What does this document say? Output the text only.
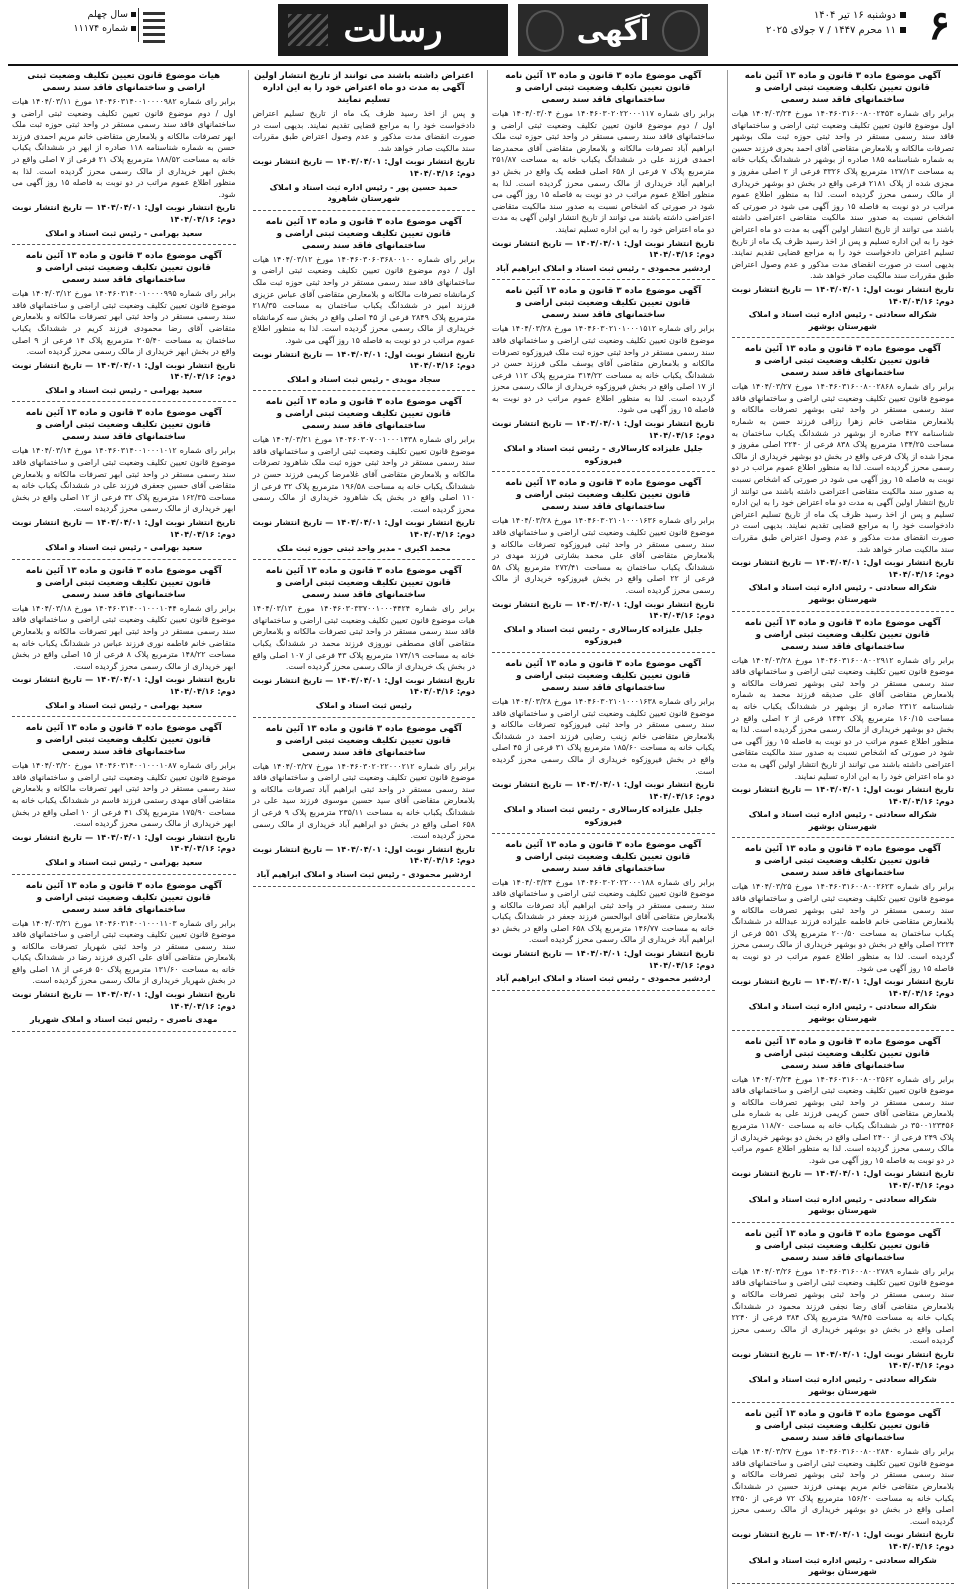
۶
دوشنبه ۱۶ تیر ۱۴۰۴
۱۱ محرم ۱۴۴۷ / ۷ جولای ۲۰۲۵
آگهی
رسالت
سال چهلم
شماره ۱۱۱۷۴
آگهی موضوع ماده ۳ قانون و ماده ۱۳ آئین نامه قانون تعیین تکلیف وضعیت ثبتی اراضی و ساختمانهای فاقد سند رسمی
برابر رای شماره ۱۴۰۴۶۰۳۱۶۰۰۸۰۰۲۴۵۳ مورخ ۱۴۰۴/۰۳/۲۴ هیات اول موضوع قانون تعیین تکلیف وضعیت ثبتی اراضی و ساختمانهای فاقد سند رسمی مستقر در واحد ثبتی حوزه ثبت ملک بوشهر تصرفات مالکانه و بلامعارض متقاضی آقای احمد بحری فرزند حسین به شماره شناسنامه ۱۸۵ صادره از بوشهر در ششدانگ یکباب خانه به مساحت ۱۲۷/۱۳ مترمربع پلاک ۳۳۲۶ فرعی از ۲ اصلی مفروز و مجزی شده از پلاک ۲۱۸۱ فرعی واقع در بخش دو بوشهر خریداری از مالک رسمی محرز گردیده است. لذا به منظور اطلاع عموم مراتب در دو نوبت به فاصله ۱۵ روز آگهی می شود در صورتی که اشخاص نسبت به صدور سند مالکیت متقاضی اعتراضی داشته باشند می توانند از تاریخ انتشار اولین آگهی به مدت دو ماه اعتراض خود را به این اداره تسلیم و پس از اخذ رسید ظرف یک ماه از تاریخ تسلیم اعتراض دادخواست خود را به مراجع قضایی تقدیم نمایند. بدیهی است در صورت انقضای مدت مذکور و عدم وصول اعتراض طبق مقررات سند مالکیت صادر خواهد شد.
تاریخ انتشار نوبت اول: ۱۴۰۴/۰۴/۰۱ — تاریخ انتشار نوبت دوم: ۱۴۰۴/۰۴/۱۶
شکراله سعادتی - رئیس اداره ثبت اسناد و املاک شهرستان بوشهر
آگهی موضوع ماده ۳ قانون و ماده ۱۳ آئین نامه قانون تعیین تکلیف وضعیت ثبتی اراضی و ساختمانهای فاقد سند رسمی
برابر رای شماره ۱۴۰۴۶۰۳۱۶۰۰۸۰۰۲۸۶۸ مورخ ۱۴۰۴/۰۳/۲۷ هیات موضوع قانون تعیین تکلیف وضعیت ثبتی اراضی و ساختمانهای فاقد سند رسمی مستقر در واحد ثبتی بوشهر تصرفات مالکانه و بلامعارض متقاضی خانم زهرا رزاقی فرزند حسن به شماره شناسنامه ۴۲۷ صادره از بوشهر در ششدانگ یکباب ساختمان به مساحت ۱۳۴/۲۵ مترمربع پلاک ۸۳۸ فرعی از ۲۲۴۰ اصلی مفروز و مجزا شده از پلاک فرعی واقع در بخش دو بوشهر خریداری از مالک رسمی محرز گردیده است. لذا به منظور اطلاع عموم مراتب در دو نوبت به فاصله ۱۵ روز آگهی می شود در صورتی که اشخاص نسبت به صدور سند مالکیت متقاضی اعتراضی داشته باشند می توانند از تاریخ انتشار اولین آگهی به مدت دو ماه اعتراض خود را به این اداره تسلیم و پس از اخذ رسید ظرف یک ماه از تاریخ تسلیم اعتراض دادخواست خود را به مراجع قضایی تقدیم نمایند. بدیهی است در صورت انقضای مدت مذکور و عدم وصول اعتراض طبق مقررات سند مالکیت صادر خواهد شد.
تاریخ انتشار نوبت اول: ۱۴۰۴/۰۴/۰۱ — تاریخ انتشار نوبت دوم: ۱۴۰۴/۰۴/۱۶
شکراله سعادتی - رئیس اداره ثبت اسناد و املاک شهرستان بوشهر
آگهی موضوع ماده ۳ قانون و ماده ۱۳ آئین نامه قانون تعیین تکلیف وضعیت ثبتی اراضی و ساختمانهای فاقد سند رسمی
برابر رای شماره ۱۴۰۴۶۰۳۱۶۰۰۸۰۰۲۹۱۲ مورخ ۱۴۰۴/۰۳/۲۸ هیات موضوع قانون تعیین تکلیف وضعیت ثبتی اراضی و ساختمانهای فاقد سند رسمی مستقر در واحد ثبتی بوشهر تصرفات مالکانه و بلامعارض متقاضی آقای علی صدیقه فرزند محمد به شماره شناسنامه ۲۳۱۲ صادره از بوشهر در ششدانگ یکباب خانه به مساحت ۱۶۰/۱۵ مترمربع پلاک ۱۳۴۲ فرعی از ۲ اصلی واقع در بخش دو بوشهر خریداری از مالک رسمی محرز گردیده است. لذا به منظور اطلاع عموم مراتب در دو نوبت به فاصله ۱۵ روز آگهی می شود در صورتی که اشخاص نسبت به صدور سند مالکیت متقاضی اعتراضی داشته باشند می توانند از تاریخ انتشار اولین آگهی به مدت دو ماه اعتراض خود را به این اداره تسلیم نمایند.
تاریخ انتشار نوبت اول: ۱۴۰۴/۰۴/۰۱ — تاریخ انتشار نوبت دوم: ۱۴۰۴/۰۴/۱۶
شکراله سعادتی - رئیس اداره ثبت اسناد و املاک شهرستان بوشهر
آگهی موضوع ماده ۳ قانون و ماده ۱۳ آئین نامه قانون تعیین تکلیف وضعیت ثبتی اراضی و ساختمانهای فاقد سند رسمی
برابر رای شماره ۱۴۰۴۶۰۳۱۶۰۰۸۰۰۲۶۲۳ مورخ ۱۴۰۴/۰۳/۲۵ هیات موضوع قانون تعیین تکلیف وضعیت ثبتی اراضی و ساختمانهای فاقد سند رسمی مستقر در واحد ثبتی بوشهر تصرفات مالکانه و بلامعارض متقاضی خانم فاطمه علیزاده فرزند عبدالله در ششدانگ یکباب ساختمان به مساحت ۲۰۰/۵۰ مترمربع پلاک ۵۵۱ فرعی از ۲۲۲۴ اصلی واقع در بخش دو بوشهر خریداری از مالک رسمی محرز گردیده است. لذا به منظور اطلاع عموم مراتب در دو نوبت به فاصله ۱۵ روز آگهی می شود.
تاریخ انتشار نوبت اول: ۱۴۰۴/۰۴/۰۱ — تاریخ انتشار نوبت دوم: ۱۴۰۴/۰۴/۱۶
شکراله سعادتی - رئیس اداره ثبت اسناد و املاک شهرستان بوشهر
آگهی موضوع ماده ۳ قانون و ماده ۱۳ آئین نامه قانون تعیین تکلیف وضعیت ثبتی اراضی و ساختمانهای فاقد سند رسمی
برابر رای شماره ۱۴۰۴۶۰۳۱۶۰۰۸۰۰۲۵۶۲ مورخ ۱۴۰۴/۰۳/۲۴ هیات موضوع قانون تعیین تکلیف وضعیت ثبتی اراضی و ساختمانهای فاقد سند رسمی مستقر در واحد ثبتی بوشهر تصرفات مالکانه و بلامعارض متقاضی آقای حسن کریمی فرزند علی به شماره ملی ۳۵۰۰۱۲۳۴۵۶ در ششدانگ یکباب خانه به مساحت ۱۱۸/۷۰ مترمربع پلاک ۲۴۹ فرعی از ۲۴۰۰ اصلی واقع در بخش دو بوشهر خریداری از مالک رسمی محرز گردیده است. لذا به منظور اطلاع عموم مراتب در دو نوبت به فاصله ۱۵ روز آگهی می شود.
تاریخ انتشار نوبت اول: ۱۴۰۴/۰۴/۰۱ — تاریخ انتشار نوبت دوم: ۱۴۰۴/۰۴/۱۶
شکراله سعادتی - رئیس اداره ثبت اسناد و املاک شهرستان بوشهر
آگهی موضوع ماده ۳ قانون و ماده ۱۳ آئین نامه قانون تعیین تکلیف وضعیت ثبتی اراضی و ساختمانهای فاقد سند رسمی
برابر رای شماره ۱۴۰۴۶۰۳۱۶۰۰۸۰۰۲۷۸۹ مورخ ۱۴۰۴/۰۳/۲۶ هیات موضوع قانون تعیین تکلیف وضعیت ثبتی اراضی و ساختمانهای فاقد سند رسمی مستقر در واحد ثبتی بوشهر تصرفات مالکانه و بلامعارض متقاضی آقای رضا نجفی فرزند محمود در ششدانگ یکباب خانه به مساحت ۹۸/۴۵ مترمربع پلاک ۳۸۴ فرعی از ۲۲۴۰ اصلی واقع در بخش دو بوشهر خریداری از مالک رسمی محرز گردیده است.
تاریخ انتشار نوبت اول: ۱۴۰۴/۰۴/۰۱ — تاریخ انتشار نوبت دوم: ۱۴۰۴/۰۴/۱۶
شکراله سعادتی - رئیس اداره ثبت اسناد و املاک شهرستان بوشهر
آگهی موضوع ماده ۳ قانون و ماده ۱۳ آئین نامه قانون تعیین تکلیف وضعیت ثبتی اراضی و ساختمانهای فاقد سند رسمی
برابر رای شماره ۱۴۰۴۶۰۳۱۶۰۰۸۰۰۲۸۴۰ مورخ ۱۴۰۴/۰۳/۲۷ هیات موضوع قانون تعیین تکلیف وضعیت ثبتی اراضی و ساختمانهای فاقد سند رسمی مستقر در واحد ثبتی بوشهر تصرفات مالکانه و بلامعارض متقاضی خانم مریم بهمنی فرزند حسین در ششدانگ یکباب خانه به مساحت ۱۵۶/۲۰ مترمربع پلاک ۷۲ فرعی از ۲۴۵۰ اصلی واقع در بخش دو بوشهر خریداری از مالک رسمی محرز گردیده است.
تاریخ انتشار نوبت اول: ۱۴۰۴/۰۴/۰۱ — تاریخ انتشار نوبت دوم: ۱۴۰۴/۰۴/۱۶
شکراله سعادتی - رئیس اداره ثبت اسناد و املاک شهرستان بوشهر
آگهی موضوع ماده ۳ قانون و ماده ۱۳ آئین نامه قانون تعیین تکلیف وضعیت ثبتی اراضی و ساختمانهای فاقد سند رسمی
برابر رای شماره ۱۴۰۴۶۰۳۰۲۰۲۲۰۰۰۱۱۷ مورخ ۱۴۰۴/۰۳/۰۴ هیات اول / دوم موضوع قانون تعیین تکلیف وضعیت ثبتی اراضی و ساختمانهای فاقد سند رسمی مستقر در واحد ثبتی حوزه ثبت ملک ابراهیم آباد تصرفات مالکانه و بلامعارض متقاضی آقای محمدرضا احمدی فرزند علی در ششدانگ یکباب خانه به مساحت ۲۵۱/۸۷ مترمربع پلاک ۷ فرعی از ۶۵۸ اصلی قطعه یک واقع در بخش دو ابراهیم آباد خریداری از مالک رسمی محرز گردیده است. لذا به منظور اطلاع عموم مراتب در دو نوبت به فاصله ۱۵ روز آگهی می شود در صورتی که اشخاص نسبت به صدور سند مالکیت متقاضی اعتراضی داشته باشند می توانند از تاریخ انتشار اولین آگهی به مدت دو ماه اعتراض خود را به این اداره تسلیم نمایند.
تاریخ انتشار نوبت اول: ۱۴۰۴/۰۴/۰۱ — تاریخ انتشار نوبت دوم: ۱۴۰۴/۰۴/۱۶
اردشیر محمودی - رئیس ثبت اسناد و املاک ابراهیم آباد
آگهی موضوع ماده ۳ قانون و ماده ۱۳ آئین نامه قانون تعیین تکلیف وضعیت ثبتی اراضی و ساختمانهای فاقد سند رسمی
برابر رای شماره ۱۴۰۴۶۰۳۰۲۱۰۱۰۰۰۱۵۱۲ مورخ ۱۴۰۴/۰۳/۲۸ هیات موضوع قانون تعیین تکلیف وضعیت ثبتی اراضی و ساختمانهای فاقد سند رسمی مستقر در واحد ثبتی حوزه ثبت ملک فیروزکوه تصرفات مالکانه و بلامعارض متقاضی آقای یوسف ملکی فرزند حسن در ششدانگ یکباب خانه به مساحت ۳۱۴/۲۲ مترمربع پلاک ۱۱۲ فرعی از ۱۷ اصلی واقع در بخش فیروزکوه خریداری از مالک رسمی محرز گردیده است. لذا به منظور اطلاع عموم مراتب در دو نوبت به فاصله ۱۵ روز آگهی می شود.
تاریخ انتشار نوبت اول: ۱۴۰۴/۰۴/۰۱ — تاریخ انتشار نوبت دوم: ۱۴۰۴/۰۴/۱۶
جلیل علیزاده کارسالاری - رئیس ثبت اسناد و املاک فیروزکوه
آگهی موضوع ماده ۳ قانون و ماده ۱۳ آئین نامه قانون تعیین تکلیف وضعیت ثبتی اراضی و ساختمانهای فاقد سند رسمی
برابر رای شماره ۱۴۰۴۶۰۳۰۲۱۰۱۰۰۰۱۶۳۶ مورخ ۱۴۰۴/۰۳/۲۸ هیات موضوع قانون تعیین تکلیف وضعیت ثبتی اراضی و ساختمانهای فاقد سند رسمی مستقر در واحد ثبتی فیروزکوه تصرفات مالکانه و بلامعارض متقاضی آقای علی محمد بشارتی فرزند مهدی در ششدانگ یکباب ساختمان به مساحت ۲۷۲/۴۱ مترمربع پلاک ۵۸ فرعی از ۲۲ اصلی واقع در بخش فیروزکوه خریداری از مالک رسمی محرز گردیده است.
تاریخ انتشار نوبت اول: ۱۴۰۴/۰۴/۰۱ — تاریخ انتشار نوبت دوم: ۱۴۰۴/۰۴/۱۶
جلیل علیزاده کارسالاری - رئیس ثبت اسناد و املاک فیروزکوه
آگهی موضوع ماده ۳ قانون و ماده ۱۳ آئین نامه قانون تعیین تکلیف وضعیت ثبتی اراضی و ساختمانهای فاقد سند رسمی
برابر رای شماره ۱۴۰۴۶۰۳۰۲۱۰۱۰۰۰۱۶۳۸ مورخ ۱۴۰۴/۰۳/۲۸ هیات موضوع قانون تعیین تکلیف وضعیت ثبتی اراضی و ساختمانهای فاقد سند رسمی مستقر در واحد ثبتی فیروزکوه تصرفات مالکانه و بلامعارض متقاضی خانم زینب رضایی فرزند احمد در ششدانگ یکباب خانه به مساحت ۱۸۵/۶۰ مترمربع پلاک ۳۱ فرعی از ۴۵ اصلی واقع در بخش فیروزکوه خریداری از مالک رسمی محرز گردیده است.
تاریخ انتشار نوبت اول: ۱۴۰۴/۰۴/۰۱ — تاریخ انتشار نوبت دوم: ۱۴۰۴/۰۴/۱۶
جلیل علیزاده کارسالاری - رئیس ثبت اسناد و املاک فیروزکوه
آگهی موضوع ماده ۳ قانون و ماده ۱۳ آئین نامه قانون تعیین تکلیف وضعیت ثبتی اراضی و ساختمانهای فاقد سند رسمی
برابر رای شماره ۱۴۰۴۶۰۳۰۲۰۲۲۰۰۰۱۸۸ مورخ ۱۴۰۴/۰۳/۲۴ هیات موضوع قانون تعیین تکلیف وضعیت ثبتی اراضی و ساختمانهای فاقد سند رسمی مستقر در واحد ثبتی ابراهیم آباد تصرفات مالکانه و بلامعارض متقاضی آقای ابوالحسن فرزند جعفر در ششدانگ یکباب خانه به مساحت ۱۴۶/۷۷ مترمربع پلاک ۶۵۸ اصلی واقع در بخش دو ابراهیم آباد خریداری از مالک رسمی محرز گردیده است.
تاریخ انتشار نوبت اول: ۱۴۰۴/۰۴/۰۱ — تاریخ انتشار نوبت دوم: ۱۴۰۴/۰۴/۱۶
اردشیر محمودی - رئیس ثبت اسناد و املاک ابراهیم آباد
اعتراض داشته باشند می توانند از تاریخ انتشار اولین آگهی به مدت دو ماه اعتراض خود را به این اداره تسلیم نمایند
و پس از اخذ رسید ظرف یک ماه از تاریخ تسلیم اعتراض دادخواست خود را به مراجع قضایی تقدیم نمایند. بدیهی است در صورت انقضای مدت مذکور و عدم وصول اعتراض طبق مقررات سند مالکیت صادر خواهد شد.
تاریخ انتشار نوبت اول: ۱۴۰۴/۰۴/۰۱ — تاریخ انتشار نوبت دوم: ۱۴۰۴/۰۴/۱۶
حمید حسین پور - رئیس اداره ثبت اسناد و املاک شهرستان شاهرود
آگهی موضوع ماده ۳ قانون و ماده ۱۳ آئین نامه قانون تعیین تکلیف وضعیت ثبتی اراضی و ساختمانهای فاقد سند رسمی
برابر رای شماره ۱۴۰۴۶۰۳۰۶۰۳۶۸۰۰۱۰۰ مورخ ۱۴۰۴/۰۳/۱۲ هیات اول / دوم موضوع قانون تعیین تکلیف وضعیت ثبتی اراضی و ساختمانهای فاقد سند رسمی مستقر در واحد ثبتی حوزه ثبت ملک کرمانشاه تصرفات مالکانه و بلامعارض متقاضی آقای عباس عزیزی فرزند امیر در ششدانگ یکباب ساختمان به مساحت ۲۱۸/۳۵ مترمربع پلاک ۲۸۴۹ فرعی از ۴۵ اصلی واقع در بخش سه کرمانشاه خریداری از مالک رسمی محرز گردیده است. لذا به منظور اطلاع عموم مراتب در دو نوبت به فاصله ۱۵ روز آگهی می شود.
تاریخ انتشار نوبت اول: ۱۴۰۴/۰۴/۰۱ — تاریخ انتشار نوبت دوم: ۱۴۰۴/۰۴/۱۶
سجاد مویدی - رئیس ثبت اسناد و املاک
آگهی موضوع ماده ۳ قانون و ماده ۱۳ آئین نامه قانون تعیین تکلیف وضعیت ثبتی اراضی و ساختمانهای فاقد سند رسمی
برابر رای شماره ۱۴۰۴۶۰۳۰۷۰۰۱۰۰۰۱۴۳۸ مورخ ۱۴۰۴/۰۳/۲۱ هیات موضوع قانون تعیین تکلیف وضعیت ثبتی اراضی و ساختمانهای فاقد سند رسمی مستقر در واحد ثبتی حوزه ثبت ملک شاهرود تصرفات مالکانه و بلامعارض متقاضی آقای غلامرضا کریمی فرزند حسن در ششدانگ یکباب خانه به مساحت ۱۹۶/۵۸ مترمربع پلاک ۳۲ فرعی از ۱۱۰ اصلی واقع در بخش یک شاهرود خریداری از مالک رسمی محرز گردیده است.
تاریخ انتشار نوبت اول: ۱۴۰۴/۰۴/۰۱ — تاریخ انتشار نوبت دوم: ۱۴۰۴/۰۴/۱۶
محمد اکبری - مدیر واحد ثبتی حوزه ثبت ملک
آگهی موضوع ماده ۳ قانون و ماده ۱۳ آئین نامه قانون تعیین تکلیف وضعیت ثبتی اراضی و ساختمانهای فاقد سند رسمی
برابر رای شماره ۱۴۰۴۶۰۳۰۳۳۷۰۰۱۰۰۰۴۴۲۴ مورخ ۱۴۰۴/۰۳/۱۳ هیات موضوع قانون تعیین تکلیف وضعیت ثبتی اراضی و ساختمانهای فاقد سند رسمی مستقر در واحد ثبتی تصرفات مالکانه و بلامعارض متقاضی آقای مصطفی نوروزی فرزند محمد در ششدانگ یکباب خانه به مساحت ۱۷۴/۱۹ مترمربع پلاک ۴۳ فرعی از ۱۰۷ اصلی واقع در بخش یک خریداری از مالک رسمی محرز گردیده است.
تاریخ انتشار نوبت اول: ۱۴۰۴/۰۴/۰۱ — تاریخ انتشار نوبت دوم: ۱۴۰۴/۰۴/۱۶
رئیس ثبت اسناد و املاک
آگهی موضوع ماده ۳ قانون و ماده ۱۳ آئین نامه قانون تعیین تکلیف وضعیت ثبتی اراضی و ساختمانهای فاقد سند رسمی
برابر رای شماره ۱۴۰۴۶۰۳۰۲۰۲۲۰۰۰۲۱۲ مورخ ۱۴۰۴/۰۳/۲۷ هیات موضوع قانون تعیین تکلیف وضعیت ثبتی اراضی و ساختمانهای فاقد سند رسمی مستقر در واحد ثبتی ابراهیم آباد تصرفات مالکانه و بلامعارض متقاضی آقای سید حسین موسوی فرزند سید علی در ششدانگ یکباب خانه به مساحت ۲۳۵/۱۱ مترمربع پلاک ۹ فرعی از ۶۵۸ اصلی واقع در بخش دو ابراهیم آباد خریداری از مالک رسمی محرز گردیده است.
تاریخ انتشار نوبت اول: ۱۴۰۴/۰۴/۰۱ — تاریخ انتشار نوبت دوم: ۱۴۰۴/۰۴/۱۶
اردشیر محمودی - رئیس ثبت اسناد و املاک ابراهیم آباد
هیات موضوع قانون تعیین تکلیف وضعیت ثبتی اراضی و ساختمانهای فاقد سند رسمی
برابر رای شماره ۱۴۰۴۶۰۳۱۴۰۰۱۰۰۰۰۹۸۲ مورخ ۱۴۰۴/۰۳/۱۱ هیات اول / دوم موضوع قانون تعیین تکلیف وضعیت ثبتی اراضی و ساختمانهای فاقد سند رسمی مستقر در واحد ثبتی حوزه ثبت ملک ابهر تصرفات مالکانه و بلامعارض متقاضی خانم مریم احمدی فرزند حسن به شماره شناسنامه ۱۱۸ صادره از ابهر در ششدانگ یکباب خانه به مساحت ۱۸۸/۵۲ مترمربع پلاک ۲۱ فرعی از ۷ اصلی واقع در بخش ابهر خریداری از مالک رسمی محرز گردیده است. لذا به منظور اطلاع عموم مراتب در دو نوبت به فاصله ۱۵ روز آگهی می شود.
تاریخ انتشار نوبت اول: ۱۴۰۴/۰۴/۰۱ — تاریخ انتشار نوبت دوم: ۱۴۰۴/۰۴/۱۶
سعید بهرامی - رئیس ثبت اسناد و املاک
آگهی موضوع ماده ۳ قانون و ماده ۱۳ آئین نامه قانون تعیین تکلیف وضعیت ثبتی اراضی و ساختمانهای فاقد سند رسمی
برابر رای شماره ۱۴۰۴۶۰۳۱۴۰۰۱۰۰۰۰۹۹۵ مورخ ۱۴۰۴/۰۳/۱۲ هیات موضوع قانون تعیین تکلیف وضعیت ثبتی اراضی و ساختمانهای فاقد سند رسمی مستقر در واحد ثبتی ابهر تصرفات مالکانه و بلامعارض متقاضی آقای رضا محمودی فرزند کریم در ششدانگ یکباب ساختمان به مساحت ۲۰۵/۴۰ مترمربع پلاک ۱۴ فرعی از ۹ اصلی واقع در بخش ابهر خریداری از مالک رسمی محرز گردیده است.
تاریخ انتشار نوبت اول: ۱۴۰۴/۰۴/۰۱ — تاریخ انتشار نوبت دوم: ۱۴۰۴/۰۴/۱۶
سعید بهرامی - رئیس ثبت اسناد و املاک
آگهی موضوع ماده ۳ قانون و ماده ۱۳ آئین نامه قانون تعیین تکلیف وضعیت ثبتی اراضی و ساختمانهای فاقد سند رسمی
برابر رای شماره ۱۴۰۴۶۰۳۱۴۰۰۱۰۰۰۱۰۱۲ مورخ ۱۴۰۴/۰۳/۱۴ هیات موضوع قانون تعیین تکلیف وضعیت ثبتی اراضی و ساختمانهای فاقد سند رسمی مستقر در واحد ثبتی ابهر تصرفات مالکانه و بلامعارض متقاضی آقای حسین جعفری فرزند علی در ششدانگ یکباب خانه به مساحت ۱۶۲/۳۵ مترمربع پلاک ۳۲ فرعی از ۱۲ اصلی واقع در بخش ابهر خریداری از مالک رسمی محرز گردیده است.
تاریخ انتشار نوبت اول: ۱۴۰۴/۰۴/۰۱ — تاریخ انتشار نوبت دوم: ۱۴۰۴/۰۴/۱۶
سعید بهرامی - رئیس ثبت اسناد و املاک
آگهی موضوع ماده ۳ قانون و ماده ۱۳ آئین نامه قانون تعیین تکلیف وضعیت ثبتی اراضی و ساختمانهای فاقد سند رسمی
برابر رای شماره ۱۴۰۴۶۰۳۱۴۰۰۱۰۰۰۱۰۴۴ مورخ ۱۴۰۴/۰۳/۱۸ هیات موضوع قانون تعیین تکلیف وضعیت ثبتی اراضی و ساختمانهای فاقد سند رسمی مستقر در واحد ثبتی ابهر تصرفات مالکانه و بلامعارض متقاضی خانم فاطمه نوری فرزند عباس در ششدانگ یکباب خانه به مساحت ۱۴۸/۲۲ مترمربع پلاک ۸ فرعی از ۱۵ اصلی واقع در بخش ابهر خریداری از مالک رسمی محرز گردیده است.
تاریخ انتشار نوبت اول: ۱۴۰۴/۰۴/۰۱ — تاریخ انتشار نوبت دوم: ۱۴۰۴/۰۴/۱۶
سعید بهرامی - رئیس ثبت اسناد و املاک
آگهی موضوع ماده ۳ قانون و ماده ۱۳ آئین نامه قانون تعیین تکلیف وضعیت ثبتی اراضی و ساختمانهای فاقد سند رسمی
برابر رای شماره ۱۴۰۴۶۰۳۱۴۰۰۱۰۰۰۱۰۸۷ مورخ ۱۴۰۴/۰۳/۲۰ هیات موضوع قانون تعیین تکلیف وضعیت ثبتی اراضی و ساختمانهای فاقد سند رسمی مستقر در واحد ثبتی ابهر تصرفات مالکانه و بلامعارض متقاضی آقای مهدی رستمی فرزند قاسم در ششدانگ یکباب خانه به مساحت ۱۷۵/۹۰ مترمربع پلاک ۴۱ فرعی از ۱۰ اصلی واقع در بخش ابهر خریداری از مالک رسمی محرز گردیده است.
تاریخ انتشار نوبت اول: ۱۴۰۴/۰۴/۰۱ — تاریخ انتشار نوبت دوم: ۱۴۰۴/۰۴/۱۶
سعید بهرامی - رئیس ثبت اسناد و املاک
آگهی موضوع ماده ۳ قانون و ماده ۱۳ آئین نامه قانون تعیین تکلیف وضعیت ثبتی اراضی و ساختمانهای فاقد سند رسمی
برابر رای شماره ۱۴۰۴۶۰۳۱۴۰۰۱۰۰۰۱۱۰۳ مورخ ۱۴۰۴/۰۳/۲۱ هیات موضوع قانون تعیین تکلیف وضعیت ثبتی اراضی و ساختمانهای فاقد سند رسمی مستقر در واحد ثبتی شهریار تصرفات مالکانه و بلامعارض متقاضی آقای علی اکبری فرزند رضا در ششدانگ یکباب خانه به مساحت ۱۳۱/۶۰ مترمربع پلاک ۵۰ فرعی از ۱۸ اصلی واقع در بخش شهریار خریداری از مالک رسمی محرز گردیده است.
تاریخ انتشار نوبت اول: ۱۴۰۴/۰۴/۰۱ — تاریخ انتشار نوبت دوم: ۱۴۰۴/۰۴/۱۶
مهدی ناصری - رئیس ثبت اسناد و املاک شهریار
